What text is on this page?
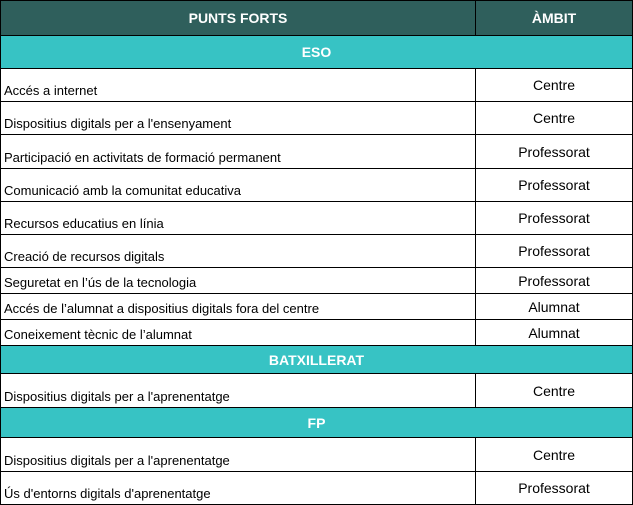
PUNTS FORTS	ÀMBIT
ESO	
Accés a internet	Centre
Dispositius digitals per a l'ensenyament	Centre
Participació en activitats de formació permanent	Professorat
Comunicació amb la comunitat educativa	Professorat
Recursos educatius en línia	Professorat
Creació de recursos digitals	Professorat
Seguretat en l’ús de la tecnologia	Professorat
Accés de l’alumnat a dispositius digitals fora del centre	Alumnat
Coneixement tècnic de l’alumnat	Alumnat
BATXILLERAT	
Dispositius digitals per a l'aprenentatge	Centre
FP	
Dispositius digitals per a l'aprenentatge	Centre
Ús d'entorns digitals d'aprenentatge	Professorat
